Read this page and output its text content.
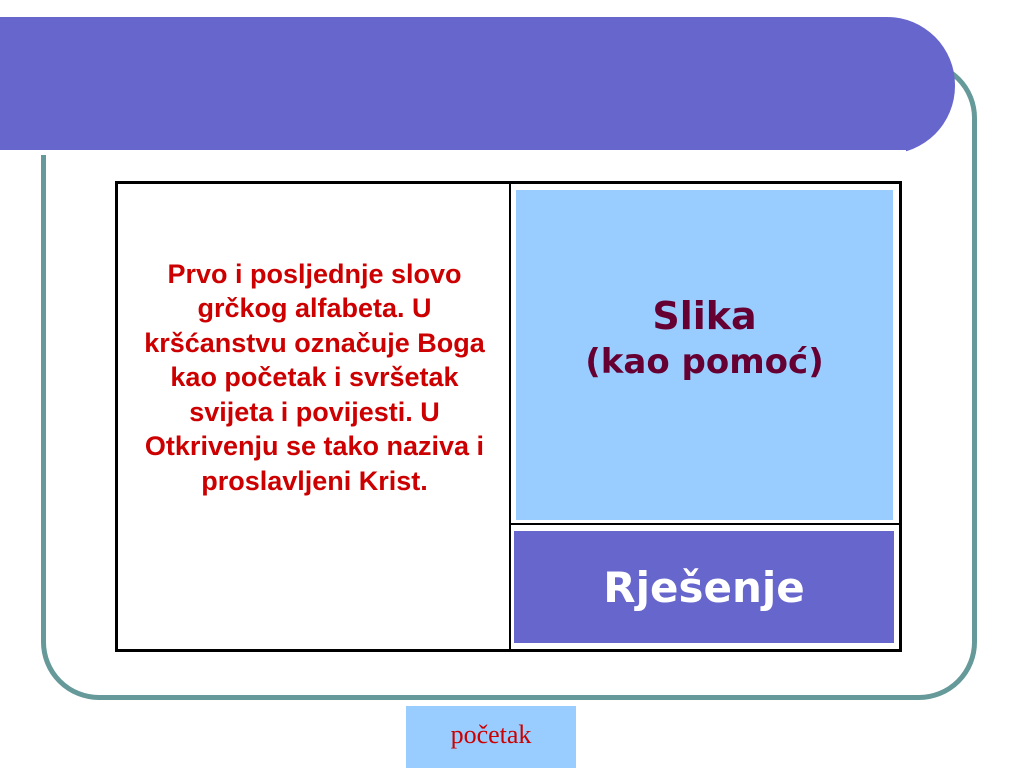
Prvo i posljednje slovo grčkog alfabeta. U kršćanstvu označuje Boga kao početak i svršetak svijeta i povijesti. U Otkrivenju se tako naziva i proslavljeni Krist.

Slika
(kao pomoć)
Rješenje
početak
